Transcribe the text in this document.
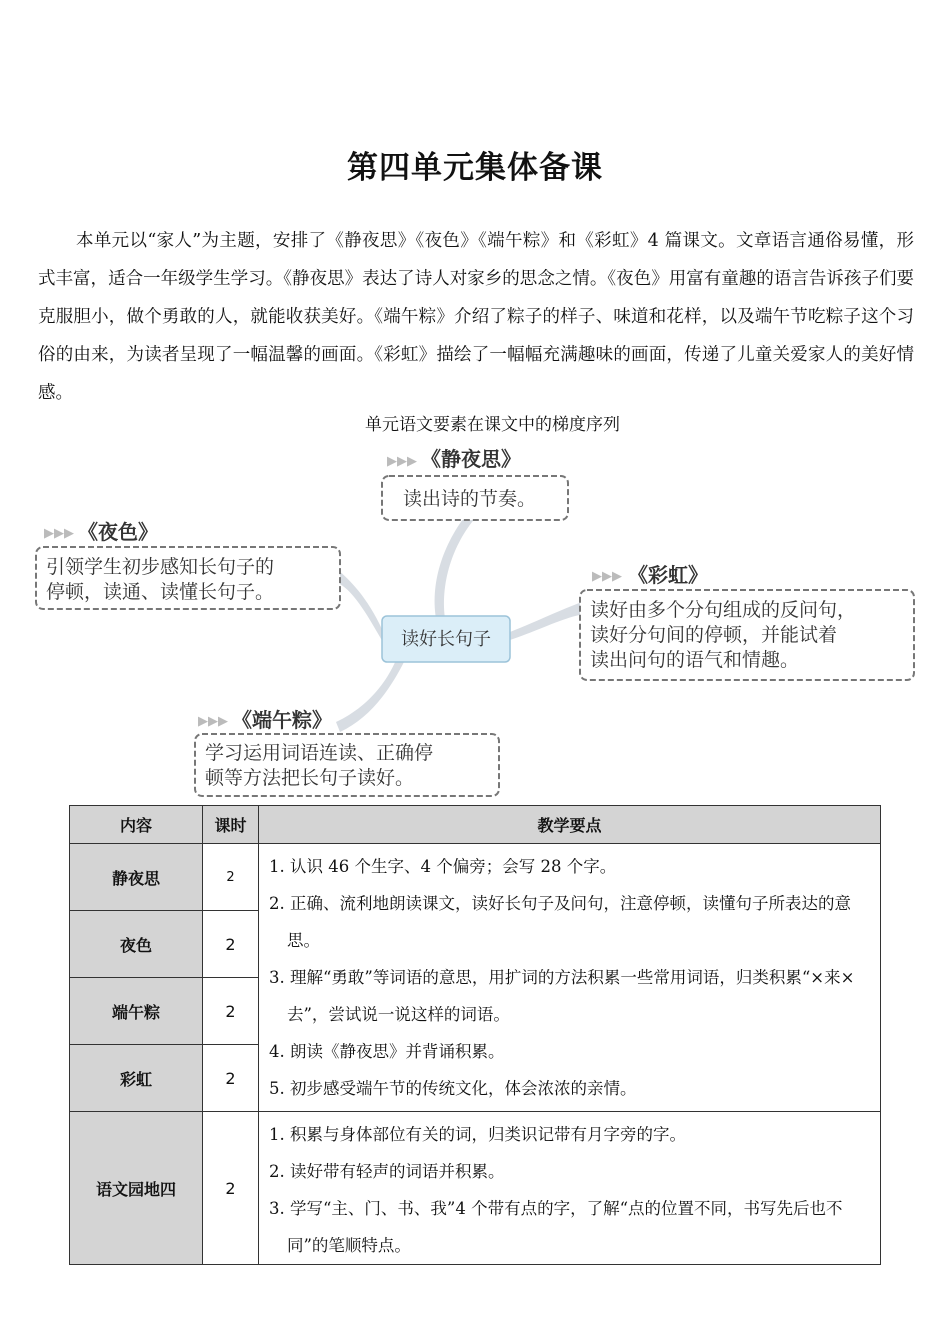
第四单元集体备课

本单元以“家人”为主题，安排了《静夜思》《夜色》《端午粽》和《彩虹》4 篇课文。文章语言通俗易懂，形式丰富，适合一年级学生学习。《静夜思》表达了诗人对家乡的思念之情。《夜色》用富有童趣的语言告诉孩子们要克服胆小，做个勇敢的人，就能收获美好。《端午粽》介绍了粽子的样子、味道和花样，以及端午节吃粽子这个习俗的由来，为读者呈现了一幅温馨的画面。《彩虹》描绘了一幅幅充满趣味的画面，传递了儿童关爱家人的美好情感。

单元语文要素在课文中的梯度序列
读好长句子
▶▶▶ 《静夜思》
读出诗的节奏。
▶▶▶ 《夜色》
引领学生初步感知长句子的
停顿，读通、读懂长句子。
▶▶▶ 《彩虹》
读好由多个分句组成的反问句，
读好分句间的停顿，并能试着
读出问句的语气和情趣。
▶▶▶ 《端午粽》
学习运用词语连读、正确停
顿等方法把长句子读好。
内容	课时	教学要点
静夜思	2	1. 认识 46 个生字、4 个偏旁；会写 28 个字。
2. 正确、流利地朗读课文，读好长句子及问句，注意停顿，读懂句子所表达的意思。
3. 理解“勇敢”等词语的意思，用扩词的方法积累一些常用词语，归类积累“×来×去”，尝试说一说这样的词语。
4. 朗读《静夜思》并背诵积累。
5. 初步感受端午节的传统文化，体会浓浓的亲情。

夜色	2	
端午粽	2	
彩虹	2	
语文园地四	2	1. 积累与身体部位有关的词，归类识记带有月字旁的字。
2. 读好带有轻声的词语并积累。
3. 学写“主、门、书、我”4 个带有点的字，了解“点的位置不同，书写先后也不同”的笔顺特点。
